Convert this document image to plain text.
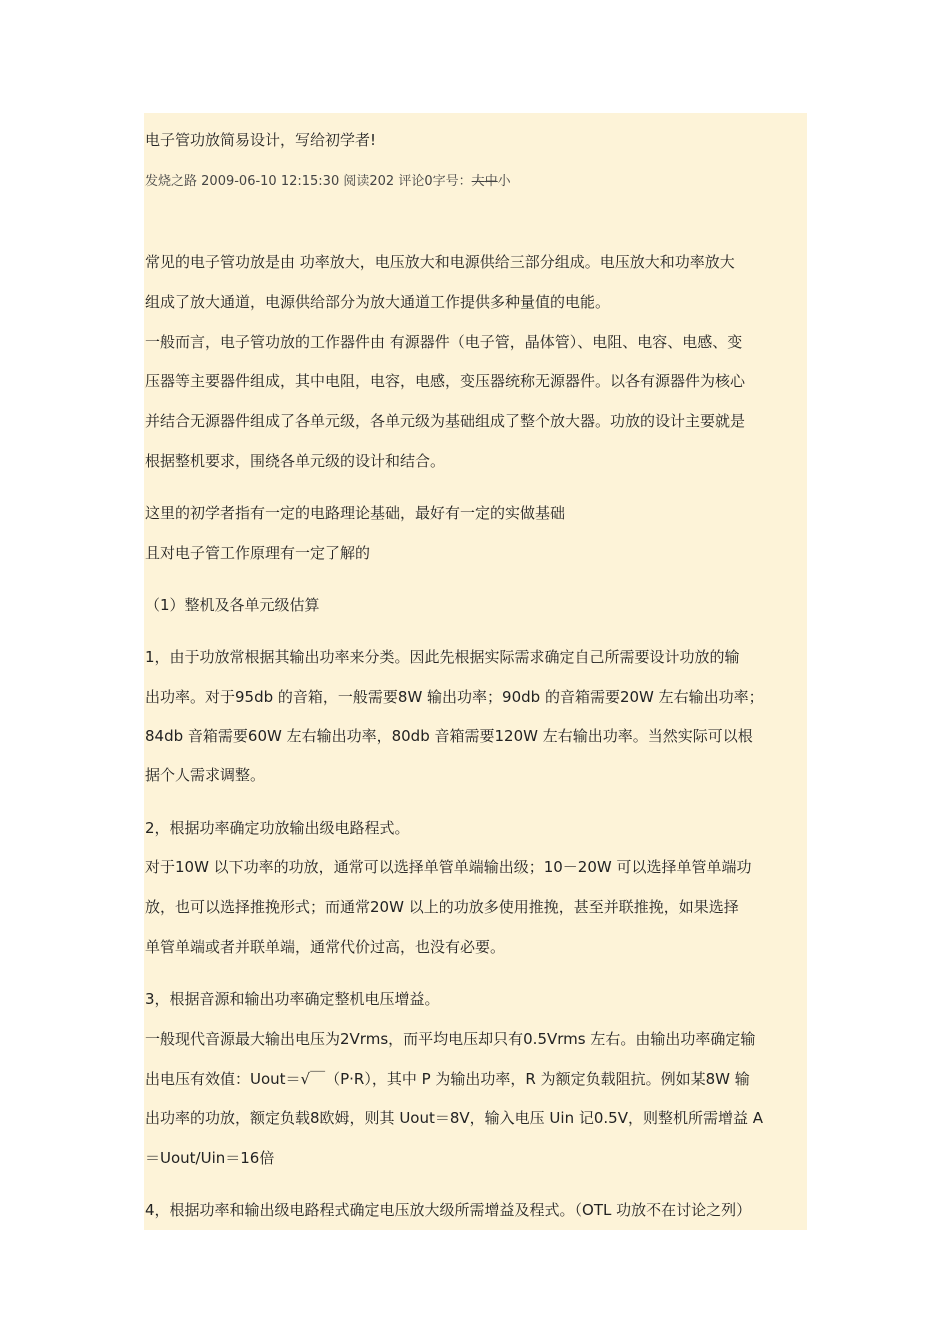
电子管功放简易设计，写给初学者!
发烧之路 2009-06-10 12:15:30 阅读202 评论0字号：大中小
常见的电子管功放是由 功率放大，电压放大和电源供给三部分组成。电压放大和功率放大
组成了放大通道，电源供给部分为放大通道工作提供多种量值的电能。
一般而言，电子管功放的工作器件由 有源器件（电子管，晶体管）、电阻、电容、电感、变
压器等主要器件组成，其中电阻，电容，电感，变压器统称无源器件。以各有源器件为核心
并结合无源器件组成了各单元级，各单元级为基础组成了整个放大器。功放的设计主要就是
根据整机要求，围绕各单元级的设计和结合。
这里的初学者指有一定的电路理论基础，最好有一定的实做基础
且对电子管工作原理有一定了解的
（1）整机及各单元级估算
1，由于功放常根据其输出功率来分类。因此先根据实际需求确定自己所需要设计功放的输
出功率。对于95db 的音箱，一般需要8W 输出功率；90db 的音箱需要20W 左右输出功率；
84db 音箱需要60W 左右输出功率，80db 音箱需要120W 左右输出功率。当然实际可以根
据个人需求调整。
2，根据功率确定功放输出级电路程式。
对于10W 以下功率的功放，通常可以选择单管单端输出级；10－20W 可以选择单管单端功
放，也可以选择推挽形式；而通常20W 以上的功放多使用推挽，甚至并联推挽，如果选择
单管单端或者并联单端，通常代价过高，也没有必要。
3，根据音源和输出功率确定整机电压增益。
一般现代音源最大输出电压为2Vrms，而平均电压却只有0.5Vrms 左右。由输出功率确定输
出电压有效值：Uout＝√￣（P·R），其中 P 为输出功率，R 为额定负载阻抗。例如某8W 输
出功率的功放，额定负载8欧姆，则其 Uout＝8V，输入电压 Uin 记0.5V，则整机所需增益 A
＝Uout/Uin＝16倍
4，根据功率和输出级电路程式确定电压放大级所需增益及程式。（OTL 功放不在讨论之列）
